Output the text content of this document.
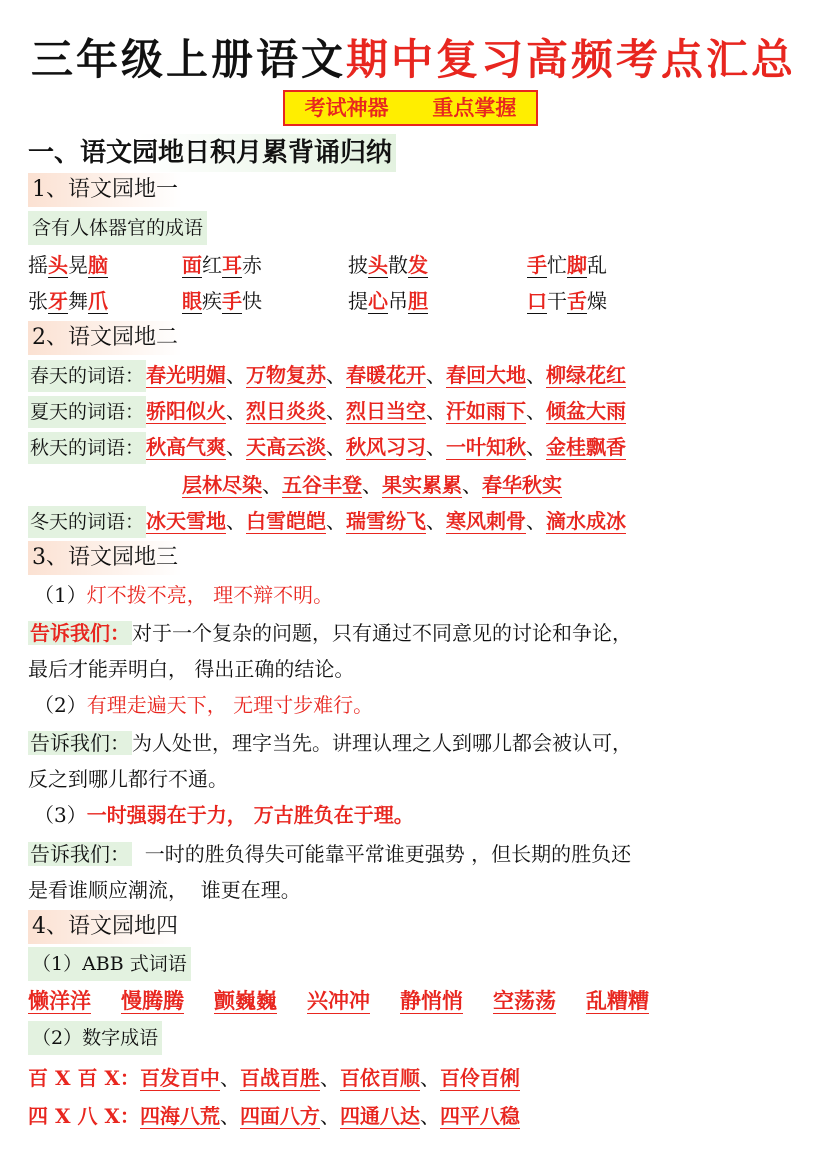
三年级上册语文期中复习高频考点汇总
考试神器      重点掌握
一、语文园地日积月累背诵归纳
1、语文园地一
含有人体器官的成语
摇头晃脑	面红耳赤	披头散发	手忙脚乱
张牙舞爪	眼疾手快	提心吊胆	口干舌燥
2、语文园地二
春天的词语： 春光明媚、万物复苏、春暖花开、春回大地、柳绿花红
夏天的词语： 骄阳似火、烈日炎炎、烈日当空、汗如雨下、倾盆大雨
秋天的词语： 秋高气爽、天高云淡、秋风习习、一叶知秋、金桂飘香
层林尽染、五谷丰登、果实累累、春华秋实
冬天的词语： 冰天雪地、白雪皑皑、瑞雪纷飞、寒风刺骨、滴水成冰
3、语文园地三
（1）灯不拨不亮， 理不辩不明。
告诉我们： 对于一个复杂的问题，只有通过不同意见的讨论和争论，
最后才能弄明白， 得出正确的结论。
（2）有理走遍天下， 无理寸步难行。
告诉我们： 为人处世，理字当先。讲理认理之人到哪儿都会被认可，
反之到哪儿都行不通。
（3）一时强弱在于力， 万古胜负在于理。
告诉我们：  一时的胜负得失可能靠平常谁更强势 ，但长期的胜负还
是看谁顺应潮流，  谁更在理。
4、语文园地四
（1）ABB 式词语
懒洋洋 慢腾腾 颤巍巍 兴冲冲 静悄悄 空荡荡 乱糟糟
（2）数字成语
百 X 百 X：百发百中、百战百胜、百依百顺、百伶百俐
四 X 八 X：四海八荒、四面八方、四通八达、四平八稳
